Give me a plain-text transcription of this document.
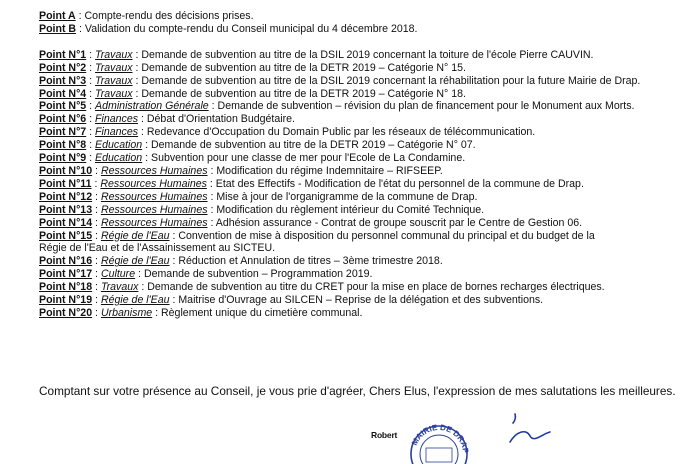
Point A : Compte-rendu des décisions prises.
Point B : Validation du compte-rendu du Conseil municipal du 4 décembre 2018.
Point N°1 : Travaux : Demande de subvention au titre de la DSIL 2019 concernant la toiture de l'école Pierre CAUVIN.
Point N°2 : Travaux : Demande de subvention au titre de la DETR 2019 – Catégorie N° 15.
Point N°3 : Travaux : Demande de subvention au titre de la DSIL 2019 concernant la réhabilitation pour la future Mairie de Drap.
Point N°4 : Travaux : Demande de subvention au titre de la DETR 2019 – Catégorie N° 18.
Point N°5 : Administration Générale : Demande de subvention – révision du plan de financement pour le Monument aux Morts.
Point N°6 : Finances : Débat d'Orientation Budgétaire.
Point N°7 : Finances : Redevance d'Occupation du Domain Public par les réseaux de télécommunication.
Point N°8 : Education : Demande de subvention au titre de la DETR 2019 – Catégorie N° 07.
Point N°9 : Education : Subvention pour une classe de mer pour l'Ecole de La Condamine.
Point N°10 : Ressources Humaines : Modification du régime Indemnitaire – RIFSEEP.
Point N°11 : Ressources Humaines : Etat des Effectifs - Modification de l'état du personnel de la commune de Drap.
Point N°12 : Ressources Humaines : Mise à jour de l'organigramme de la commune de Drap.
Point N°13 : Ressources Humaines : Modification du règlement intérieur du Comité Technique.
Point N°14 : Ressources Humaines : Adhésion assurance - Contrat de groupe souscrit par le Centre de Gestion 06.
Point N°15 : Régie de l'Eau : Convention de mise à disposition du personnel communal du principal et du budget de la Régie de l'Eau et de l'Assainissement au SICTEU.
Point N°16 : Régie de l'Eau : Réduction et Annulation de titres – 3ème trimestre 2018.
Point N°17 : Culture : Demande de subvention – Programmation 2019.
Point N°18 : Travaux : Demande de subvention au titre du CRET pour la mise en place de bornes recharges électriques.
Point N°19 : Régie de l'Eau : Maitrise d'Ouvrage au SILCEN – Reprise de la délégation et des subventions.
Point N°20 : Urbanisme : Règlement unique du cimetière communal.
Comptant sur votre présence au Conseil, je vous prie d'agréer, Chers Elus, l'expression de mes salutations les meilleures.
Robert
MAIRIE DE DRAP
